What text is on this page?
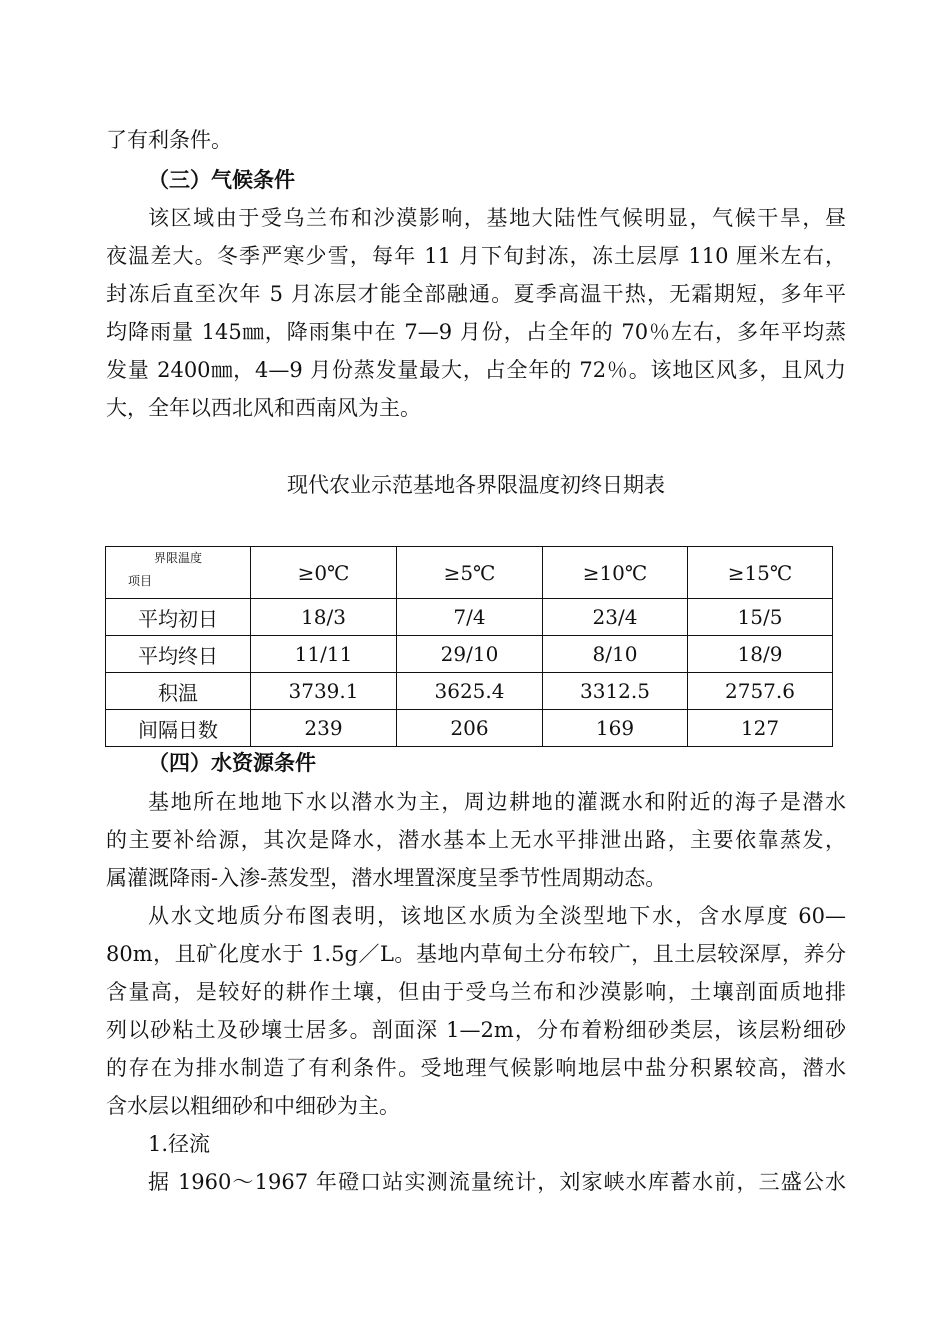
了有利条件。
（三）气候条件
该区域由于受乌兰布和沙漠影响，基地大陆性气候明显，气候干旱，昼
夜温差大。冬季严寒少雪，每年 11 月下旬封冻，冻土层厚 110 厘米左右，
封冻后直至次年 5 月冻层才能全部融通。夏季高温干热，无霜期短，多年平
均降雨量 145㎜，降雨集中在 7—9 月份，占全年的 70％左右，多年平均蒸
发量 2400㎜，4—9 月份蒸发量最大，占全年的 72％。该地区风多，且风力
大，全年以西北风和西南风为主。
现代农业示范基地各界限温度初终日期表
界限温度
项目	≥0℃	≥5℃	≥10℃	≥15℃
平均初日	18/3	7/4	23/4	15/5
平均终日	11/11	29/10	8/10	18/9
积温	3739.1	3625.4	3312.5	2757.6
间隔日数	239	206	169	127
（四）水资源条件
基地所在地地下水以潜水为主，周边耕地的灌溉水和附近的海子是潜水
的主要补给源，其次是降水，潜水基本上无水平排泄出路，主要依靠蒸发，
属灌溉降雨-入渗-蒸发型，潜水埋置深度呈季节性周期动态。
从水文地质分布图表明，该地区水质为全淡型地下水，含水厚度 60—
80m，且矿化度水于 1.5g／L。基地内草甸土分布较广，且土层较深厚，养分
含量高，是较好的耕作土壤，但由于受乌兰布和沙漠影响，土壤剖面质地排
列以砂粘土及砂壤士居多。剖面深 1—2m，分布着粉细砂类层，该层粉细砂
的存在为排水制造了有利条件。受地理气候影响地层中盐分积累较高，潜水
含水层以粗细砂和中细砂为主。
1.径流
据 1960～1967 年磴口站实测流量统计，刘家峡水库蓄水前，三盛公水
